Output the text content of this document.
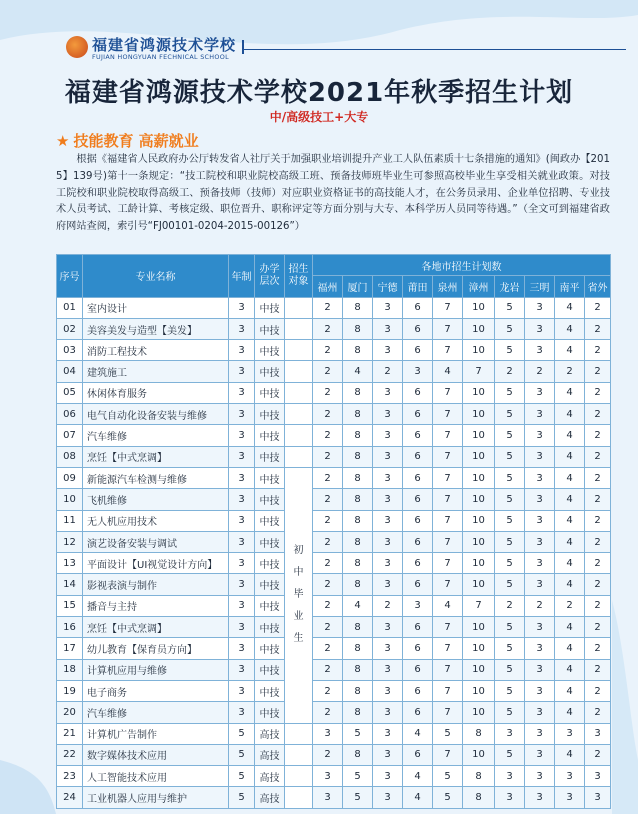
福建省鸿源技术学校
FUJIAN HONGYUAN FECHNICAL SCHOOL
福建省鸿源技术学校2021年秋季招生计划
中/高级技工+大专
★ 技能教育 高薪就业
根据《福建省人民政府办公厅转发省人社厅关于加强职业培训提升产业工人队伍素质十七条措施的通知》(闽政办【2015】139号)第十一条规定：“技工院校和职业院校高级工班、预备技师班毕业生可参照高校毕业生享受相关就业政策。对技工院校和职业院校取得高级工、预备技师（技师）对应职业资格证书的高技能人才，在公务员录用、企业单位招聘、专业技术人员考试、工龄计算、考核定级、职位晋升、职称评定等方面分别与大专、本科学历人员同等待遇。”（全文可到福建省政府网站查阅，索引号“FJ00101-0204-2015-00126”）
序号	专业名称	年制	办学层次	招生对象	各地市招生计划数									
					福州	厦门	宁德	莆田	泉州	漳州	龙岩	三明	南平	省外
01	室内设计	3	中技		2	8	3	6	7	10	5	3	4	2
02	美容美发与造型【美发】	3	中技		2	8	3	6	7	10	5	3	4	2
03	消防工程技术	3	中技		2	8	3	6	7	10	5	3	4	2
04	建筑施工	3	中技		2	4	2	3	4	7	2	2	2	2
05	休闲体育服务	3	中技		2	8	3	6	7	10	5	3	4	2
06	电气自动化设备安装与维修	3	中技		2	8	3	6	7	10	5	3	4	2
07	汽车维修	3	中技		2	8	3	6	7	10	5	3	4	2
08	烹饪【中式烹调】	3	中技		2	8	3	6	7	10	5	3	4	2
09	新能源汽车检测与维修	3	中技	初中毕业生	2	8	3	6	7	10	5	3	4	2
10	飞机维修	3	中技		2	8	3	6	7	10	5	3	4	2
11	无人机应用技术	3	中技		2	8	3	6	7	10	5	3	4	2
12	演艺设备安装与调试	3	中技		2	8	3	6	7	10	5	3	4	2
13	平面设计【UI视觉设计方向】	3	中技		2	8	3	6	7	10	5	3	4	2
14	影视表演与制作	3	中技		2	8	3	6	7	10	5	3	4	2
15	播音与主持	3	中技		2	4	2	3	4	7	2	2	2	2
16	烹饪【中式烹调】	3	中技		2	8	3	6	7	10	5	3	4	2
17	幼儿教育【保育员方向】	3	中技		2	8	3	6	7	10	5	3	4	2
18	计算机应用与维修	3	中技		2	8	3	6	7	10	5	3	4	2
19	电子商务	3	中技		2	8	3	6	7	10	5	3	4	2
20	汽车维修	3	中技		2	8	3	6	7	10	5	3	4	2
21	计算机广告制作	5	高技		3	5	3	4	5	8	3	3	3	3
22	数字媒体技术应用	5	高技		2	8	3	6	7	10	5	3	4	2
23	人工智能技术应用	5	高技		3	5	3	4	5	8	3	3	3	3
24	工业机器人应用与维护	5	高技		3	5	3	4	5	8	3	3	3	3
